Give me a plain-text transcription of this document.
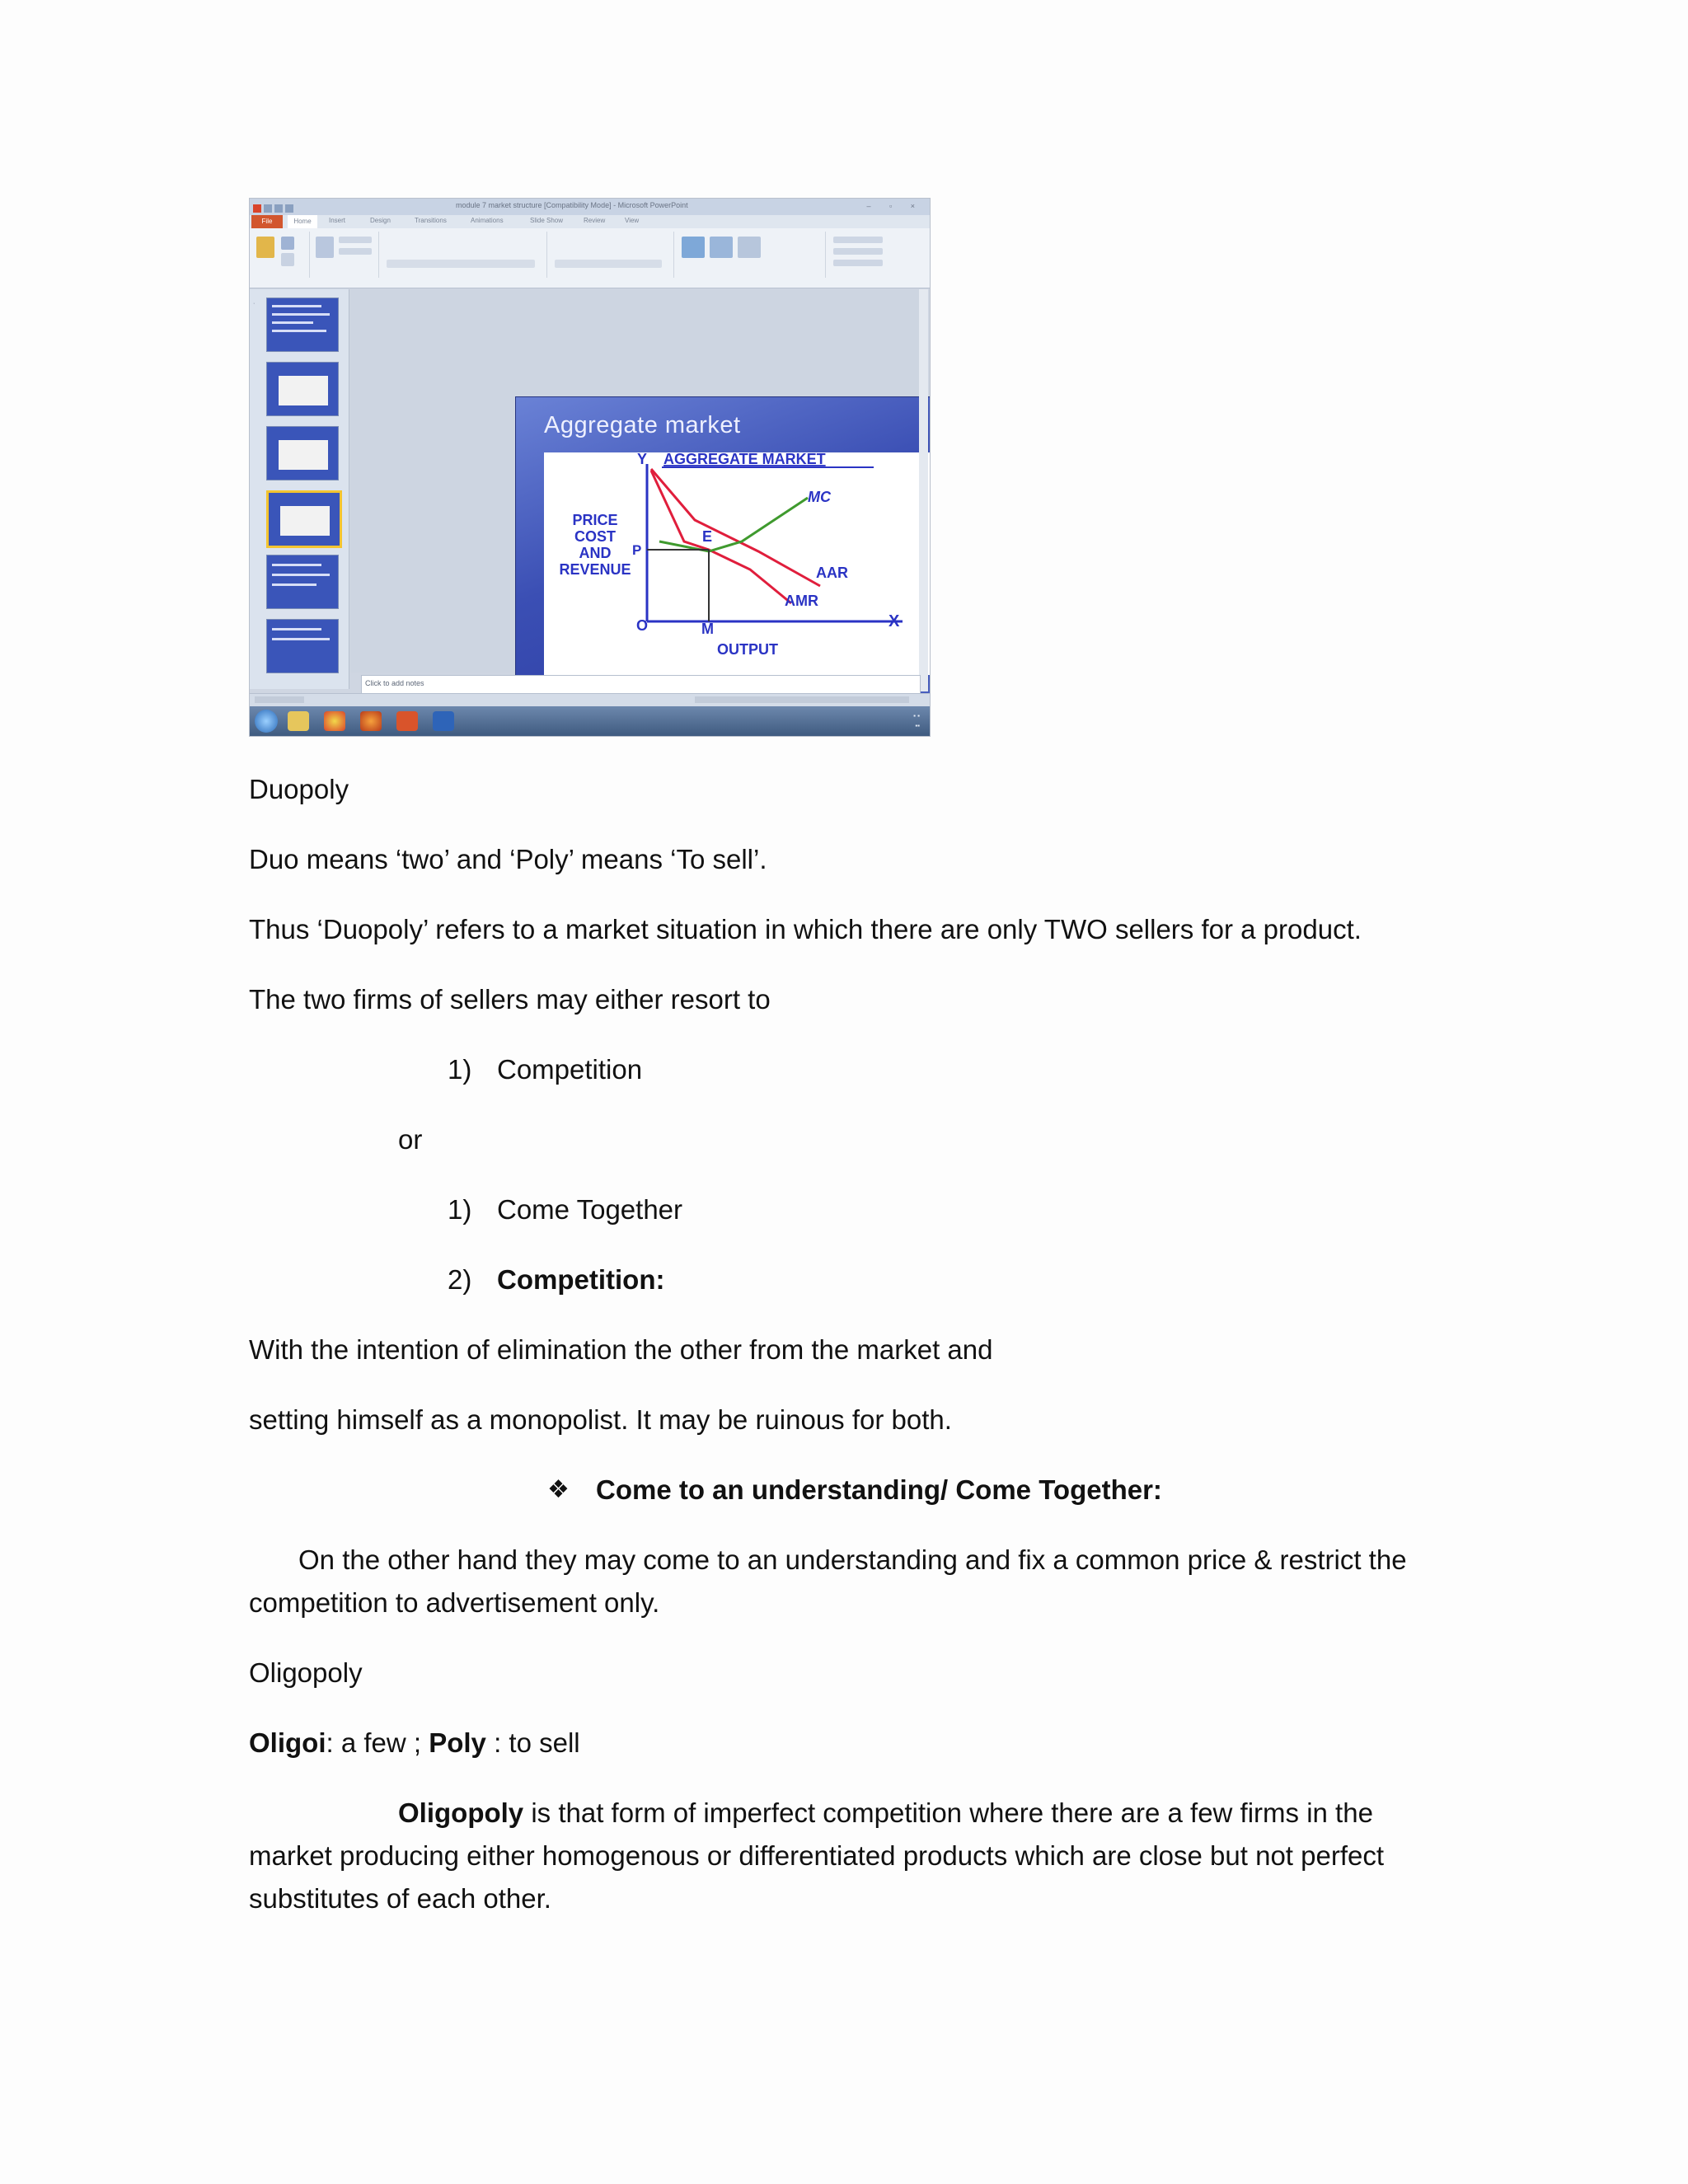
module 7 market structure [Compatibility Mode] - Microsoft PowerPoint	– ▫ ×
File	Home	Insert	Design	Transitions	Animations	Slide Show	Review	View
·
Aggregate market
Y AGGREGATE MARKET
MC
E
P
AAR
AMR
X
O	M
OUTPUT
PRICE
COST
AND
REVENUE
Click to add notes
▪ ▪
▪▪

Duopoly

Duo means ‘two’ and ‘Poly’ means ‘To sell’.

Thus ‘Duopoly’ refers to a market situation in which there are only TWO sellers for a product.

The two firms of sellers may either resort to

1) Competition

or

1) Come Together

2) Competition:

With the intention of elimination the other from the market and

setting himself as a monopolist. It may be ruinous for both.

❖ Come to an understanding/ Come Together:

On the other hand they may come to an understanding and fix a common price & restrict the

competition to advertisement only.

Oligopoly

Oligoi: a few ; Poly : to sell

Oligopoly is that form of imperfect competition where there are a few firms in the

market producing either homogenous or differentiated products which are close but not perfect

substitutes of each other.
